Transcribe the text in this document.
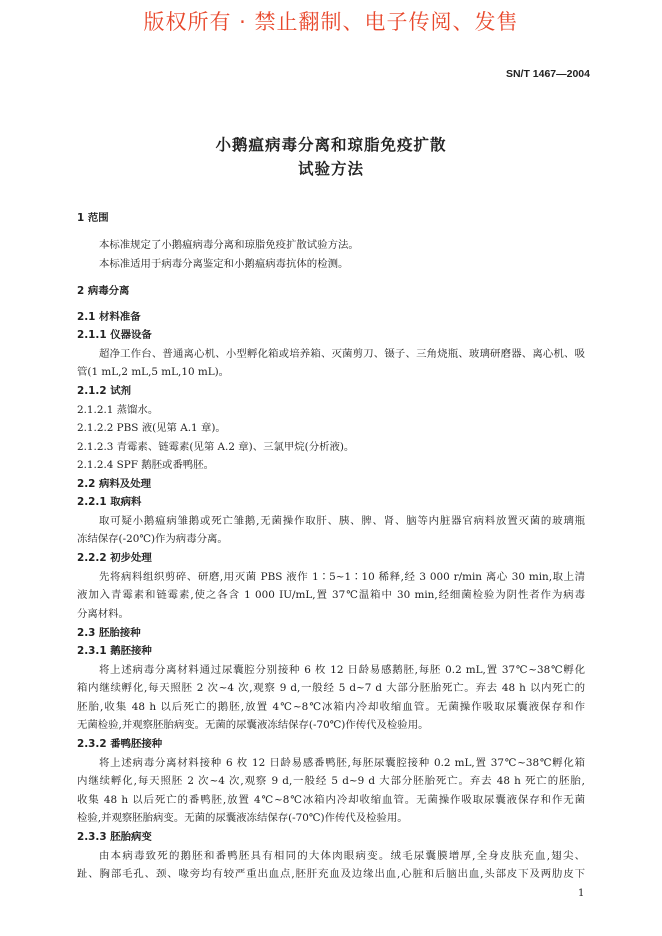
版权所有 · 禁止翻制、电子传阅、发售
SN/T 1467—2004
小鹅瘟病毒分离和琼脂免疫扩散
试验方法
1 范围
本标准规定了小鹅瘟病毒分离和琼脂免疫扩散试验方法。
本标准适用于病毒分离鉴定和小鹅瘟病毒抗体的检测。
2 病毒分离
2.1 材料准备
2.1.1 仪器设备
超净工作台、普通离心机、小型孵化箱或培养箱、灭菌剪刀、镊子、三角烧瓶、玻璃研磨器、离心机、吸
管(1 mL,2 mL,5 mL,10 mL)。
2.1.2 试剂
2.1.2.1 蒸馏水。
2.1.2.2 PBS 液(见第 A.1 章)。
2.1.2.3 青霉素、链霉素(见第 A.2 章)、三氯甲烷(分析液)。
2.1.2.4 SPF 鹅胚或番鸭胚。
2.2 病料及处理
2.2.1 取病料
取可疑小鹅瘟病雏鹅或死亡雏鹅,无菌操作取肝、胰、脾、肾、脑等内脏器官病料放置灭菌的玻璃瓶
冻结保存(-20℃)作为病毒分离。
2.2.2 初步处理
先将病料组织剪碎、研磨,用灭菌 PBS 液作 1∶5~1∶10 稀释,经 3 000 r/min 离心 30 min,取上清
液加入青霉素和链霉素,使之各含 1 000 IU/mL,置 37℃温箱中 30 min,经细菌检验为阴性者作为病毒
分离材料。
2.3 胚胎接种
2.3.1 鹅胚接种
将上述病毒分离材料通过尿囊腔分别接种 6 枚 12 日龄易感鹅胚,每胚 0.2 mL,置 37℃~38℃孵化
箱内继续孵化,每天照胚 2 次~4 次,观察 9 d,一般经 5 d~7 d 大部分胚胎死亡。弃去 48 h 以内死亡的
胚胎,收集 48 h 以后死亡的鹅胚,放置 4℃~8℃冰箱内冷却收缩血管。无菌操作吸取尿囊液保存和作
无菌检验,并观察胚胎病变。无菌的尿囊液冻结保存(-70℃)作传代及检验用。
2.3.2 番鸭胚接种
将上述病毒分离材料接种 6 枚 12 日龄易感番鸭胚,每胚尿囊腔接种 0.2 mL,置 37℃~38℃孵化箱
内继续孵化,每天照胚 2 次~4 次,观察 9 d,一般经 5 d~9 d 大部分胚胎死亡。弃去 48 h 死亡的胚胎,
收集 48 h 以后死亡的番鸭胚,放置 4℃~8℃冰箱内冷却收缩血管。无菌操作吸取尿囊液保存和作无菌
检验,并观察胚胎病变。无菌的尿囊液冻结保存(-70℃)作传代及检验用。
2.3.3 胚胎病变
由本病毒致死的鹅胚和番鸭胚具有相同的大体肉眼病变。绒毛尿囊膜增厚,全身皮肤充血,翅尖、
趾、胸部毛孔、颈、喙旁均有较严重出血点,胚肝充血及边缘出血,心脏和后脑出血,头部皮下及两肋皮下
1
